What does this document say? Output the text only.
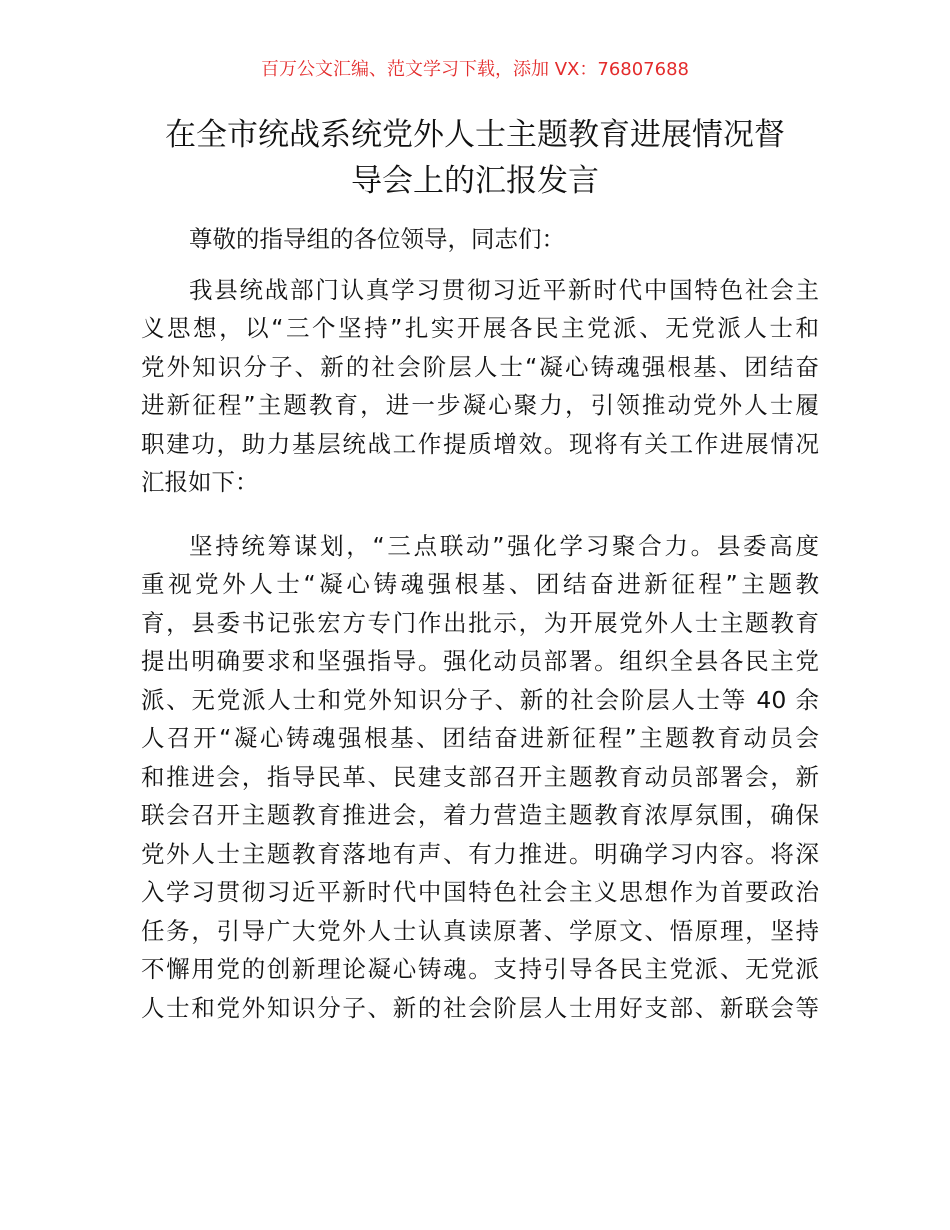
百万公文汇编、范文学习下载，添加 VX：76807688
在全市统战系统党外人士主题教育进展情况督
导会上的汇报发言
尊敬的指导组的各位领导，同志们：
我县统战部门认真学习贯彻习近平新时代中国特色社会主
义思想，以“三个坚持”扎实开展各民主党派、无党派人士和
党外知识分子、新的社会阶层人士“凝心铸魂强根基、团结奋
进新征程”主题教育，进一步凝心聚力，引领推动党外人士履
职建功，助力基层统战工作提质增效。现将有关工作进展情况
汇报如下：
坚持统筹谋划，“三点联动”强化学习聚合力。县委高度
重视党外人士“凝心铸魂强根基、团结奋进新征程”主题教
育，县委书记张宏方专门作出批示，为开展党外人士主题教育
提出明确要求和坚强指导。强化动员部署。组织全县各民主党
派、无党派人士和党外知识分子、新的社会阶层人士等 40 余
人召开“凝心铸魂强根基、团结奋进新征程”主题教育动员会
和推进会，指导民革、民建支部召开主题教育动员部署会，新
联会召开主题教育推进会，着力营造主题教育浓厚氛围，确保
党外人士主题教育落地有声、有力推进。明确学习内容。将深
入学习贯彻习近平新时代中国特色社会主义思想作为首要政治
任务，引导广大党外人士认真读原著、学原文、悟原理，坚持
不懈用党的创新理论凝心铸魂。支持引导各民主党派、无党派
人士和党外知识分子、新的社会阶层人士用好支部、新联会等
